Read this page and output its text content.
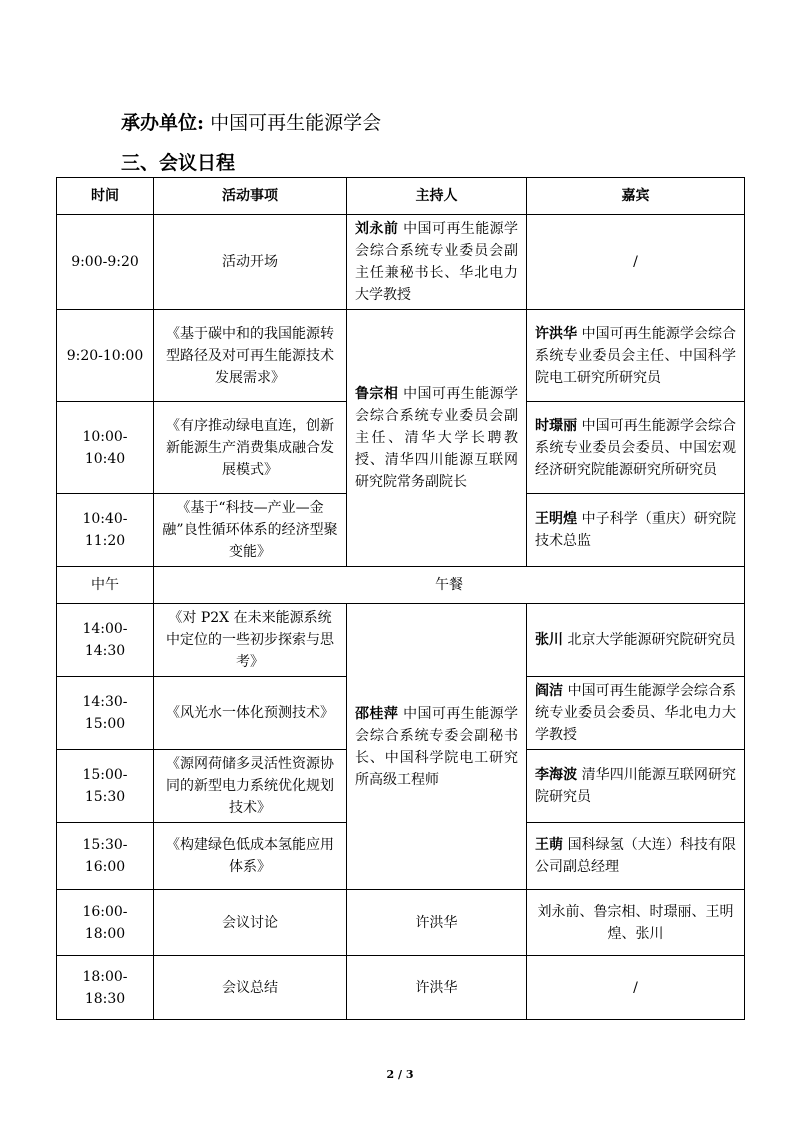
承办单位: 中国可再生能源学会
三、会议日程
时间	活动事项	主持人	嘉宾
9:00-9:20	活动开场	刘永前 中国可再生能源学会综合系统专业委员会副主任兼秘书长、华北电力大学教授	/
9:20-10:00	《基于碳中和的我国能源转型路径及对可再生能源技术发展需求》	鲁宗相 中国可再生能源学会综合系统专业委员会副主任、清华大学长聘教授、清华四川能源互联网研究院常务副院长	许洪华 中国可再生能源学会综合系统专业委员会主任、中国科学院电工研究所研究员
10:00-10:40	《有序推动绿电直连，创新新能源生产消费集成融合发展模式》		时璟丽 中国可再生能源学会综合系统专业委员会委员、中国宏观经济研究院能源研究所研究员
10:40-11:20	《基于“科技—产业—金融”良性循环体系的经济型聚变能》		王明煌 中子科学（重庆）研究院技术总监
中午	午餐		
14:00-14:30	《对 P2X 在未来能源系统中定位的一些初步探索与思考》	邵桂萍 中国可再生能源学会综合系统专委会副秘书长、中国科学院电工研究所高级工程师	张川 北京大学能源研究院研究员
14:30-15:00	《风光水一体化预测技术》		阎洁 中国可再生能源学会综合系统专业委员会委员、华北电力大学教授
15:00-15:30	《源网荷储多灵活性资源协同的新型电力系统优化规划技术》		李海波 清华四川能源互联网研究院研究员
15:30-16:00	《构建绿色低成本氢能应用体系》		王萌 国科绿氢（大连）科技有限公司副总经理
16:00-18:00	会议讨论	许洪华	刘永前、鲁宗相、时璟丽、王明煌、张川
18:00-18:30	会议总结	许洪华	/
2 / 3
